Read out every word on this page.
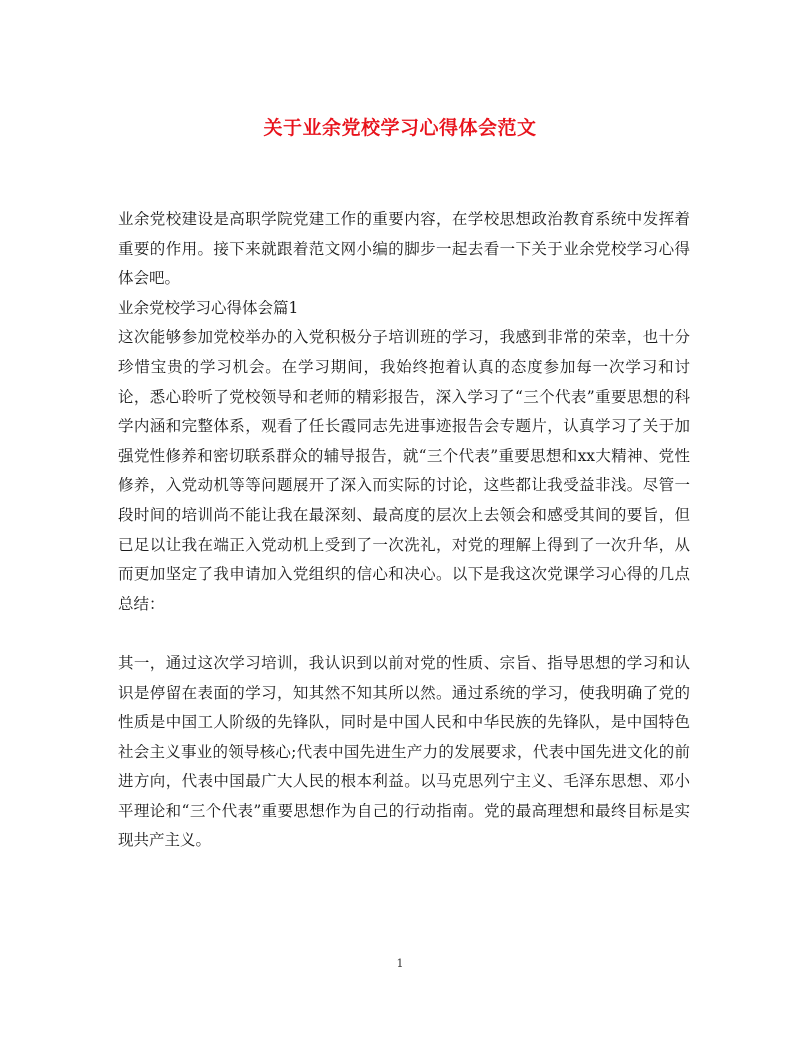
关于业余党校学习心得体会范文

业余党校建设是高职学院党建工作的重要内容，在学校思想政治教育系统中发挥着重要的作用。接下来就跟着范文网小编的脚步一起去看一下关于业余党校学习心得体会吧。

业余党校学习心得体会篇1

这次能够参加党校举办的入党积极分子培训班的学习，我感到非常的荣幸，也十分珍惜宝贵的学习机会。在学习期间，我始终抱着认真的态度参加每一次学习和讨论，悉心聆听了党校领导和老师的精彩报告，深入学习了“三个代表”重要思想的科学内涵和完整体系，观看了任长霞同志先进事迹报告会专题片，认真学习了关于加强党性修养和密切联系群众的辅导报告，就“三个代表”重要思想和xx大精神、党性修养，入党动机等等问题展开了深入而实际的讨论，这些都让我受益非浅。尽管一段时间的培训尚不能让我在最深刻、最高度的层次上去领会和感受其间的要旨，但已足以让我在端正入党动机上受到了一次洗礼，对党的理解上得到了一次升华，从而更加坚定了我申请加入党组织的信心和决心。以下是我这次党课学习心得的几点总结：

其一，通过这次学习培训，我认识到以前对党的性质、宗旨、指导思想的学习和认识是停留在表面的学习，知其然不知其所以然。通过系统的学习，使我明确了党的性质是中国工人阶级的先锋队，同时是中国人民和中华民族的先锋队，是中国特色社会主义事业的领导核心;代表中国先进生产力的发展要求，代表中国先进文化的前进方向，代表中国最广大人民的根本利益。以马克思列宁主义、毛泽东思想、邓小平理论和“三个代表”重要思想作为自己的行动指南。党的最高理想和最终目标是实现共产主义。

1
